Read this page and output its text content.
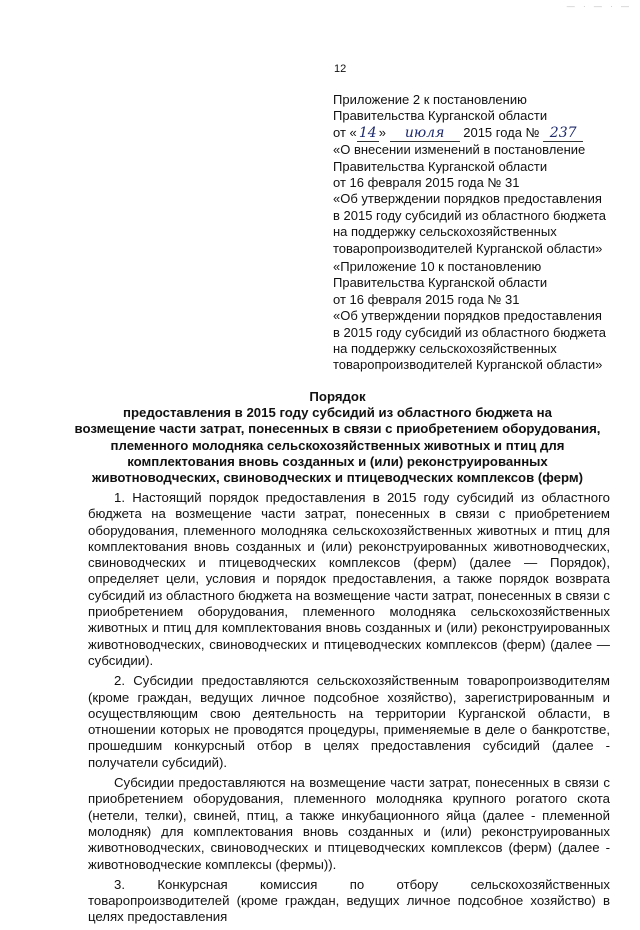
— · — · —
12
Приложение 2 к постановлению
Правительства Курганской области
от « 14 » июля 2015 года № 237
«О внесении изменений в постановление
Правительства Курганской области
от 16 февраля 2015 года № 31
«Об утверждении порядков предоставления
в 2015 году субсидий из областного бюджета
на поддержку сельскохозяйственных
товаропроизводителей Курганской области»
«Приложение 10 к постановлению
Правительства Курганской области
от 16 февраля 2015 года № 31
«Об утверждении порядков предоставления
в 2015 году субсидий из областного бюджета
на поддержку сельскохозяйственных
товаропроизводителей Курганской области»
Порядок
предоставления в 2015 году субсидий из областного бюджета на
возмещение части затрат, понесенных в связи с приобретением оборудования,
племенного молодняка сельскохозяйственных животных и птиц для
комплектования вновь созданных и (или) реконструированных
животноводческих, свиноводческих и птицеводческих комплексов (ферм)

1. Настоящий порядок предоставления в 2015 году субсидий из областного бюджета на возмещение части затрат, понесенных в связи с приобретением оборудования, племенного молодняка сельскохозяйственных животных и птиц для комплектования вновь созданных и (или) реконструированных животноводческих, свиноводческих и птицеводческих комплексов (ферм) (далее — Порядок), определяет цели, условия и порядок предоставления, а также порядок возврата субсидий из областного бюджета на возмещение части затрат, понесенных в связи с приобретением оборудования, племенного молодняка сельскохозяйственных животных и птиц для комплектования вновь созданных и (или) реконструированных животноводческих, свиноводческих и птицеводческих комплексов (ферм) (далее — субсидии).

2. Субсидии предоставляются сельскохозяйственным товаропроизводителям (кроме граждан, ведущих личное подсобное хозяйство), зарегистрированным и осуществляющим свою деятельность на территории Курганской области, в отношении которых не проводятся процедуры, применяемые в деле о банкротстве, прошедшим конкурсный отбор в целях предоставления субсидий (далее - получатели субсидий).

Субсидии предоставляются на возмещение части затрат, понесенных в связи с приобретением оборудования, племенного молодняка крупного рогатого скота (нетели, телки), свиней, птиц, а также инкубационного яйца (далее - племенной молодняк) для комплектования вновь созданных и (или) реконструированных животноводческих, свиноводческих и птицеводческих комплексов (ферм) (далее - животноводческие комплексы (фермы)).

3. Конкурсная комиссия по отбору сельскохозяйственных товаропроизводителей (кроме граждан, ведущих личное подсобное хозяйство) в целях предоставления
